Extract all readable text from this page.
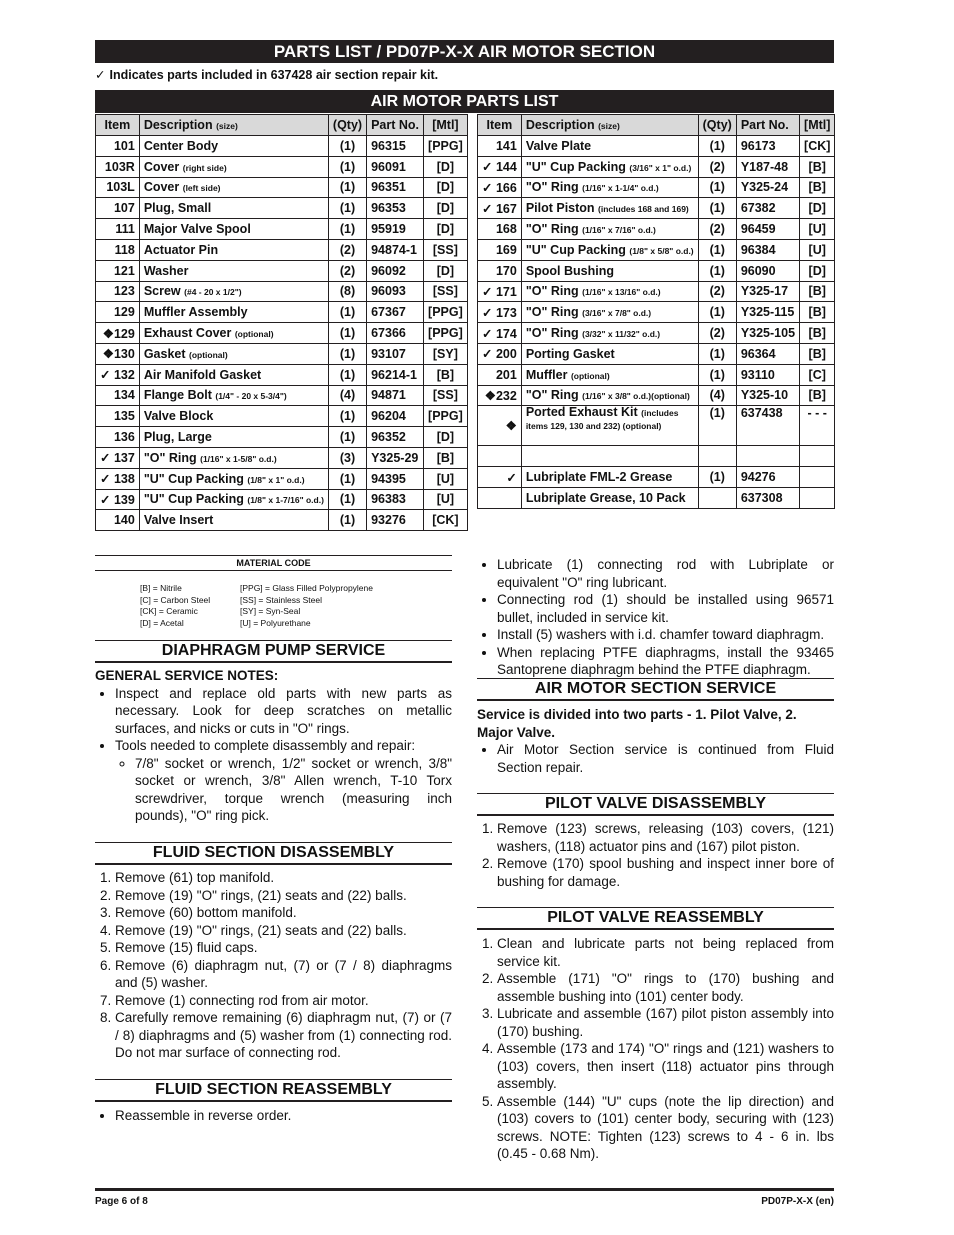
PARTS LIST / PD07P-X-X AIR MOTOR SECTION
✓ Indicates parts included in 637428 air section repair kit.
AIR MOTOR PARTS LIST
Item	Description (size)	(Qty)	Part No.	[Mtl]
101	Center Body	(1)	96315	[PPG]
103R	Cover (right side)	(1)	96091	[D]
103L	Cover (left side)	(1)	96351	[D]
107	Plug, Small	(1)	96353	[D]
111	Major Valve Spool	(1)	95919	[D]
118	Actuator Pin	(2)	94874-1	[SS]
121	Washer	(2)	96092	[D]
123	Screw (#4 - 20 x 1/2")	(8)	96093	[SS]
129	Muffler Assembly	(1)	67367	[PPG]
❖129	Exhaust Cover (optional)	(1)	67366	[PPG]
❖130	Gasket (optional)	(1)	93107	[SY]
✓ 132	Air Manifold Gasket	(1)	96214-1	[B]
134	Flange Bolt (1/4" - 20 x 5-3/4")	(4)	94871	[SS]
135	Valve Block	(1)	96204	[PPG]
136	Plug, Large	(1)	96352	[D]
✓ 137	"O" Ring (1/16" x 1-5/8" o.d.)	(3)	Y325-29	[B]
✓ 138	"U" Cup Packing (1/8" x 1" o.d.)	(1)	94395	[U]
✓ 139	"U" Cup Packing (1/8" x 1-7/16" o.d.)	(1)	96383	[U]
140	Valve Insert	(1)	93276	[CK]
Item	Description (size)	(Qty)	Part No.	[Mtl]
141	Valve Plate	(1)	96173	[CK]
✓ 144	"U" Cup Packing (3/16" x 1" o.d.)	(2)	Y187-48	[B]
✓ 166	"O" Ring (1/16" x 1-1/4" o.d.)	(1)	Y325-24	[B]
✓ 167	Pilot Piston (includes 168 and 169)	(1)	67382	[D]
168	"O" Ring (1/16" x 7/16" o.d.)	(2)	96459	[U]
169	"U" Cup Packing (1/8" x 5/8" o.d.)	(1)	96384	[U]
170	Spool Bushing	(1)	96090	[D]
✓ 171	"O" Ring (1/16" x 13/16" o.d.)	(2)	Y325-17	[B]
✓ 173	"O" Ring (3/16" x 7/8" o.d.)	(1)	Y325-115	[B]
✓ 174	"O" Ring (3/32" x 11/32" o.d.)	(2)	Y325-105	[B]
✓ 200	Porting Gasket	(1)	96364	[B]
201	Muffler (optional)	(1)	93110	[C]
❖232	"O" Ring (1/16" x 3/8" o.d.)(optional)	(4)	Y325-10	[B]
❖	Ported Exhaust Kit (includes items 129, 130 and 232) (optional)	(1)	637438	- - -

✓	Lubriplate FML-2 Grease	(1)	94276	
	Lubriplate Grease, 10 Pack		637308	
MATERIAL CODE
[B] = Nitrile
[C] = Carbon Steel
[CK] = Ceramic
[D] = Acetal
[PPG] = Glass Filled Polypropylene
[SS] = Stainless Steel
[SY] = Syn-Seal
[U] = Polyurethane
DIAPHRAGM PUMP SERVICE
GENERAL SERVICE NOTES:
• Inspect and replace old parts with new parts as necessary. Look for deep scratches on metallic surfaces, and nicks or cuts in "O" rings.
• Tools needed to complete disassembly and repair:
◦ 7/8" socket or wrench, 1/2" socket or wrench, 3/8" socket or wrench, 3/8" Allen wrench, T-10 Torx screwdriver, torque wrench (measuring inch pounds), "O" ring pick.
FLUID SECTION DISASSEMBLY
1. Remove (61) top manifold.
2. Remove (19) "O" rings, (21) seats and (22) balls.
3. Remove (60) bottom manifold.
4. Remove (19) "O" rings, (21) seats and (22) balls.
5. Remove (15) fluid caps.
6. Remove (6) diaphragm nut, (7) or (7 / 8) diaphragms and (5) washer.
7. Remove (1) connecting rod from air motor.
8. Carefully remove remaining (6) diaphragm nut, (7) or (7 / 8) diaphragms and (5) washer from (1) connecting rod. Do not mar surface of connecting rod.
FLUID SECTION REASSEMBLY
• Reassemble in reverse order.
• Lubricate (1) connecting rod with Lubriplate or equivalent "O" ring lubricant.
• Connecting rod (1) should be installed using 96571 bullet, included in service kit.
• Install (5) washers with i.d. chamfer toward diaphragm.
• When replacing PTFE diaphragms, install the 93465 Santoprene diaphragm behind the PTFE diaphragm.
AIR MOTOR SECTION SERVICE
Service is divided into two parts - 1. Pilot Valve, 2. Major Valve.
• Air Motor Section service is continued from Fluid Section repair.
PILOT VALVE DISASSEMBLY
1. Remove (123) screws, releasing (103) covers, (121) washers, (118) actuator pins and (167) pilot piston.
2. Remove (170) spool bushing and inspect inner bore of bushing for damage.
PILOT VALVE REASSEMBLY
1. Clean and lubricate parts not being replaced from service kit.
2. Assemble (171) "O" rings to (170) bushing and assemble bushing into (101) center body.
3. Lubricate and assemble (167) pilot piston assembly into (170) bushing.
4. Assemble (173 and 174) "O" rings and (121) washers to (103) covers, then insert (118) actuator pins through assembly.
5. Assemble (144) "U" cups (note the lip direction) and (103) covers to (101) center body, securing with (123) screws. NOTE: Tighten (123) screws to 4 - 6 in. lbs (0.45 - 0.68 Nm).
Page 6 of 8	PD07P-X-X (en)
